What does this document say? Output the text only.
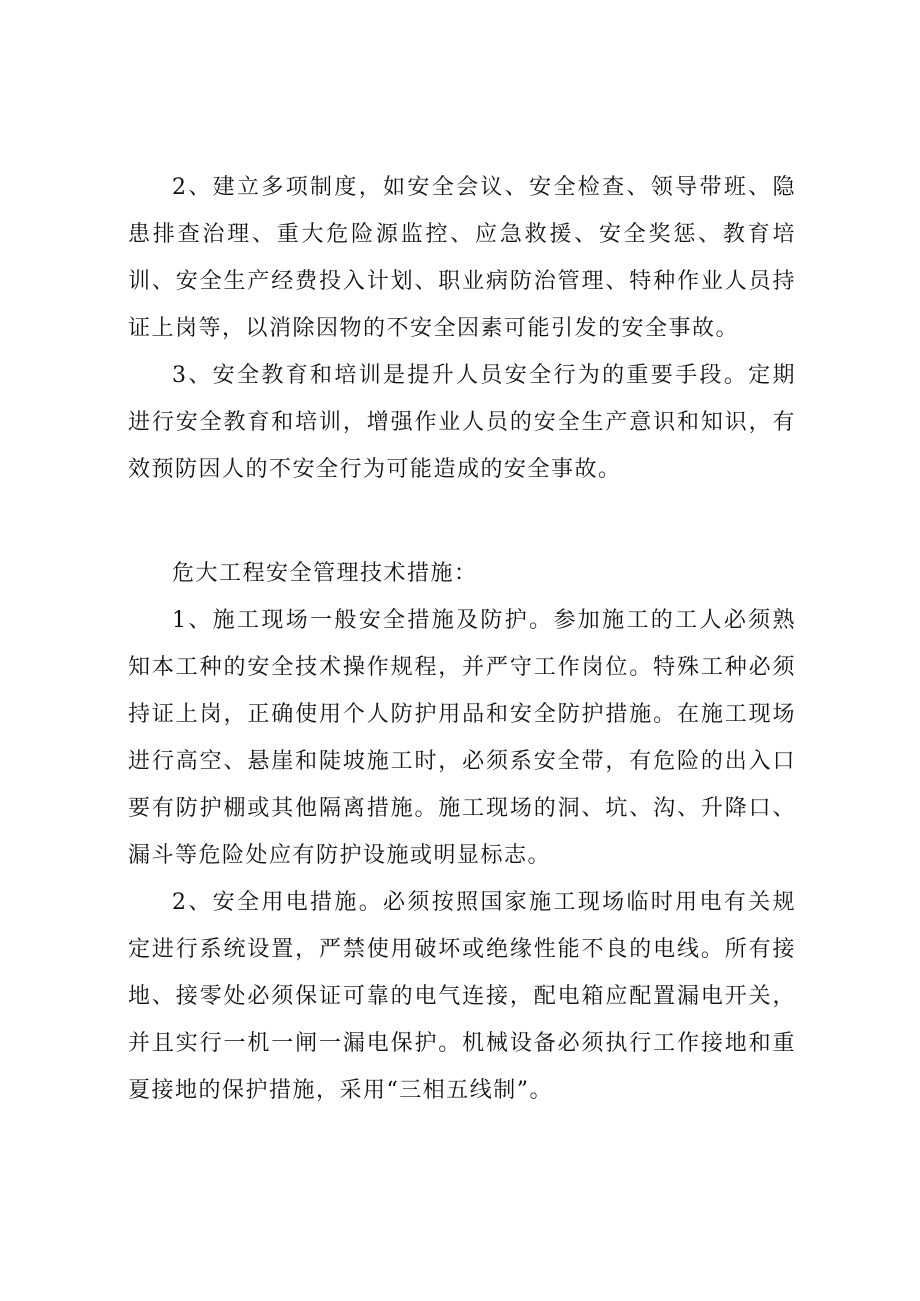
2、建立多项制度，如安全会议、安全检查、领导带班、隐患排查治理、重大危险源监控、应急救援、安全奖惩、教育培训、安全生产经费投入计划、职业病防治管理、特种作业人员持证上岗等，以消除因物的不安全因素可能引发的安全事故。

3、安全教育和培训是提升人员安全行为的重要手段。定期进行安全教育和培训，增强作业人员的安全生产意识和知识，有效预防因人的不安全行为可能造成的安全事故。

危大工程安全管理技术措施：

1、施工现场一般安全措施及防护。参加施工的工人必须熟知本工种的安全技术操作规程，并严守工作岗位。特殊工种必须持证上岗，正确使用个人防护用品和安全防护措施。在施工现场进行高空、悬崖和陡坡施工时，必须系安全带，有危险的出入口要有防护棚或其他隔离措施。施工现场的洞、坑、沟、升降口、漏斗等危险处应有防护设施或明显标志。

2、安全用电措施。必须按照国家施工现场临时用电有关规定进行系统设置，严禁使用破坏或绝缘性能不良的电线。所有接地、接零处必须保证可靠的电气连接，配电箱应配置漏电开关，并且实行一机一闸一漏电保护。机械设备必须执行工作接地和重夏接地的保护措施，采用“三相五线制”。
